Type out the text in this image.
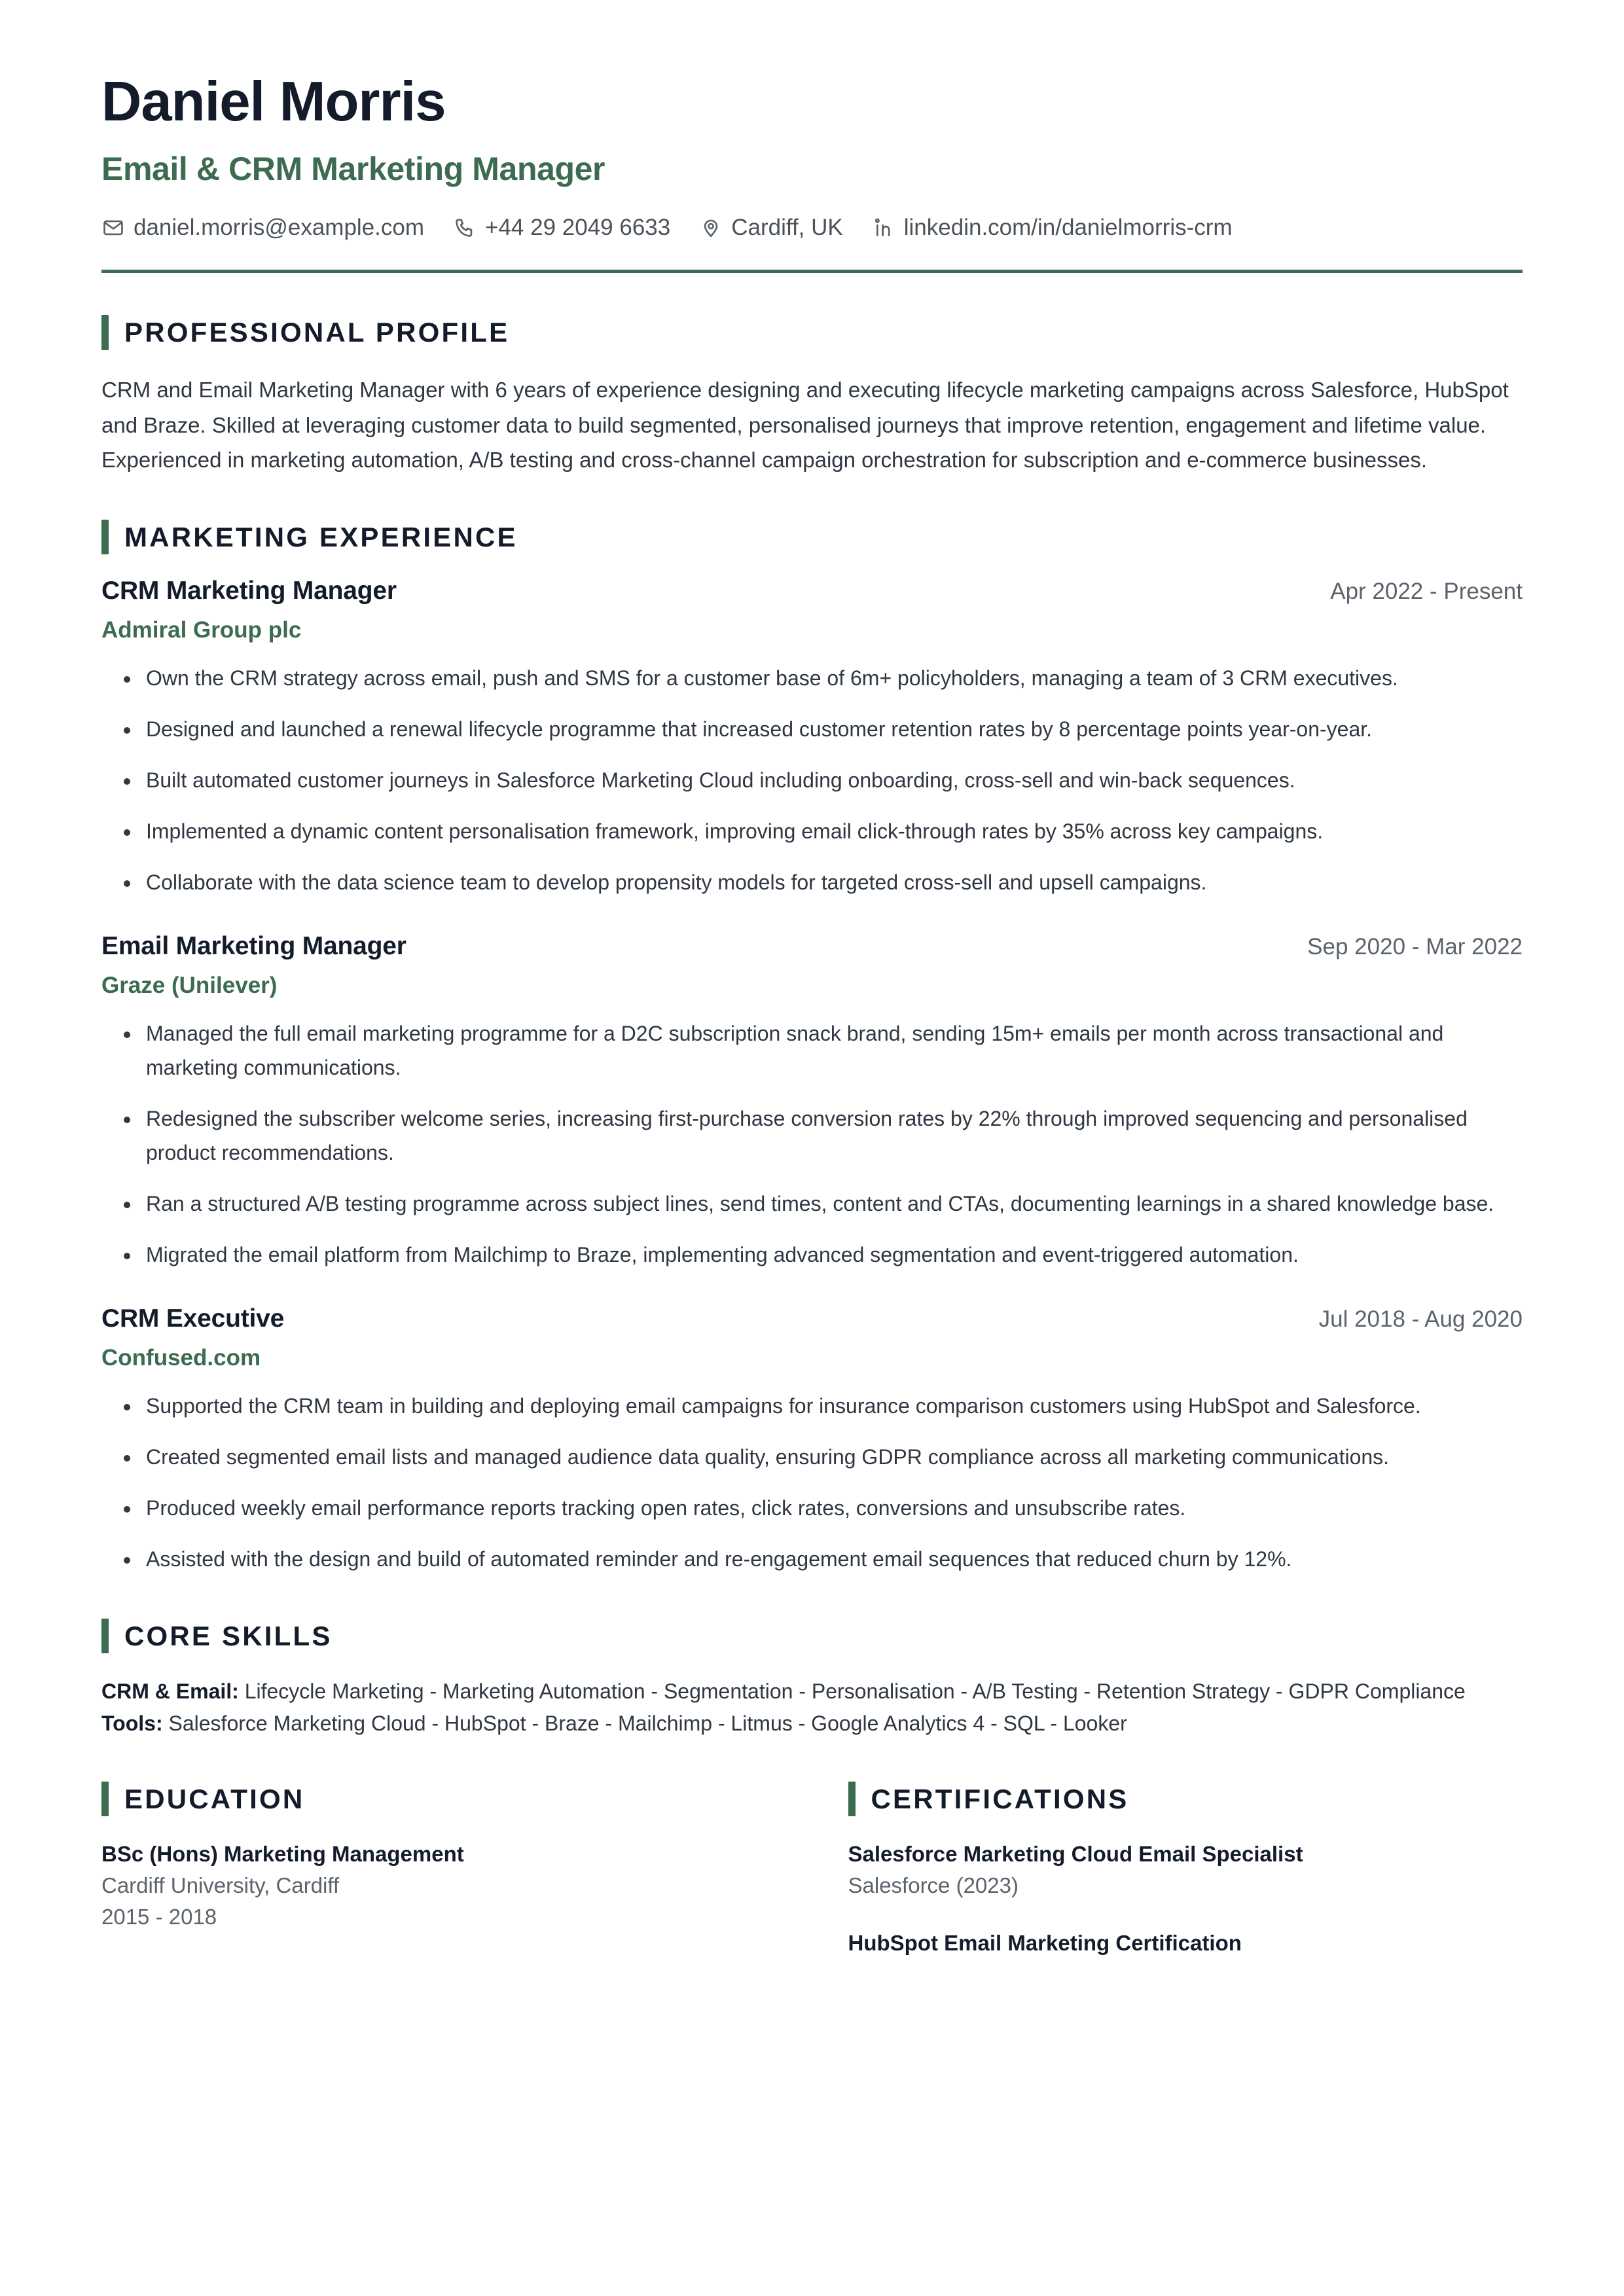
Daniel Morris
Email & CRM Marketing Manager
daniel.morris@example.com	+44 29 2049 6633	Cardiff, UK	linkedin.com/in/danielmorris-crm
PROFESSIONAL PROFILE

CRM and Email Marketing Manager with 6 years of experience designing and executing lifecycle marketing campaigns across Salesforce, HubSpot and Braze. Skilled at leveraging customer data to build segmented, personalised journeys that improve retention, engagement and lifetime value. Experienced in marketing automation, A/B testing and cross-channel campaign orchestration for subscription and e-commerce businesses.

MARKETING EXPERIENCE
CRM Marketing Manager	Apr 2022 - Present
Admiral Group plc
Own the CRM strategy across email, push and SMS for a customer base of 6m+ policyholders, managing a team of 3 CRM executives.
Designed and launched a renewal lifecycle programme that increased customer retention rates by 8 percentage points year-on-year.
Built automated customer journeys in Salesforce Marketing Cloud including onboarding, cross-sell and win-back sequences.
Implemented a dynamic content personalisation framework, improving email click-through rates by 35% across key campaigns.
Collaborate with the data science team to develop propensity models for targeted cross-sell and upsell campaigns.
Email Marketing Manager	Sep 2020 - Mar 2022
Graze (Unilever)
Managed the full email marketing programme for a D2C subscription snack brand, sending 15m+ emails per month across transactional and marketing communications.
Redesigned the subscriber welcome series, increasing first-purchase conversion rates by 22% through improved sequencing and personalised product recommendations.
Ran a structured A/B testing programme across subject lines, send times, content and CTAs, documenting learnings in a shared knowledge base.
Migrated the email platform from Mailchimp to Braze, implementing advanced segmentation and event-triggered automation.
CRM Executive	Jul 2018 - Aug 2020
Confused.com
Supported the CRM team in building and deploying email campaigns for insurance comparison customers using HubSpot and Salesforce.
Created segmented email lists and managed audience data quality, ensuring GDPR compliance across all marketing communications.
Produced weekly email performance reports tracking open rates, click rates, conversions and unsubscribe rates.
Assisted with the design and build of automated reminder and re-engagement email sequences that reduced churn by 12%.
CORE SKILLS
CRM & Email: Lifecycle Marketing - Marketing Automation - Segmentation - Personalisation - A/B Testing - Retention Strategy - GDPR Compliance
Tools: Salesforce Marketing Cloud - HubSpot - Braze - Mailchimp - Litmus - Google Analytics 4 - SQL - Looker
EDUCATION
BSc (Hons) Marketing Management
Cardiff University, Cardiff
2015 - 2018
CERTIFICATIONS
Salesforce Marketing Cloud Email Specialist
Salesforce (2023)
HubSpot Email Marketing Certification
